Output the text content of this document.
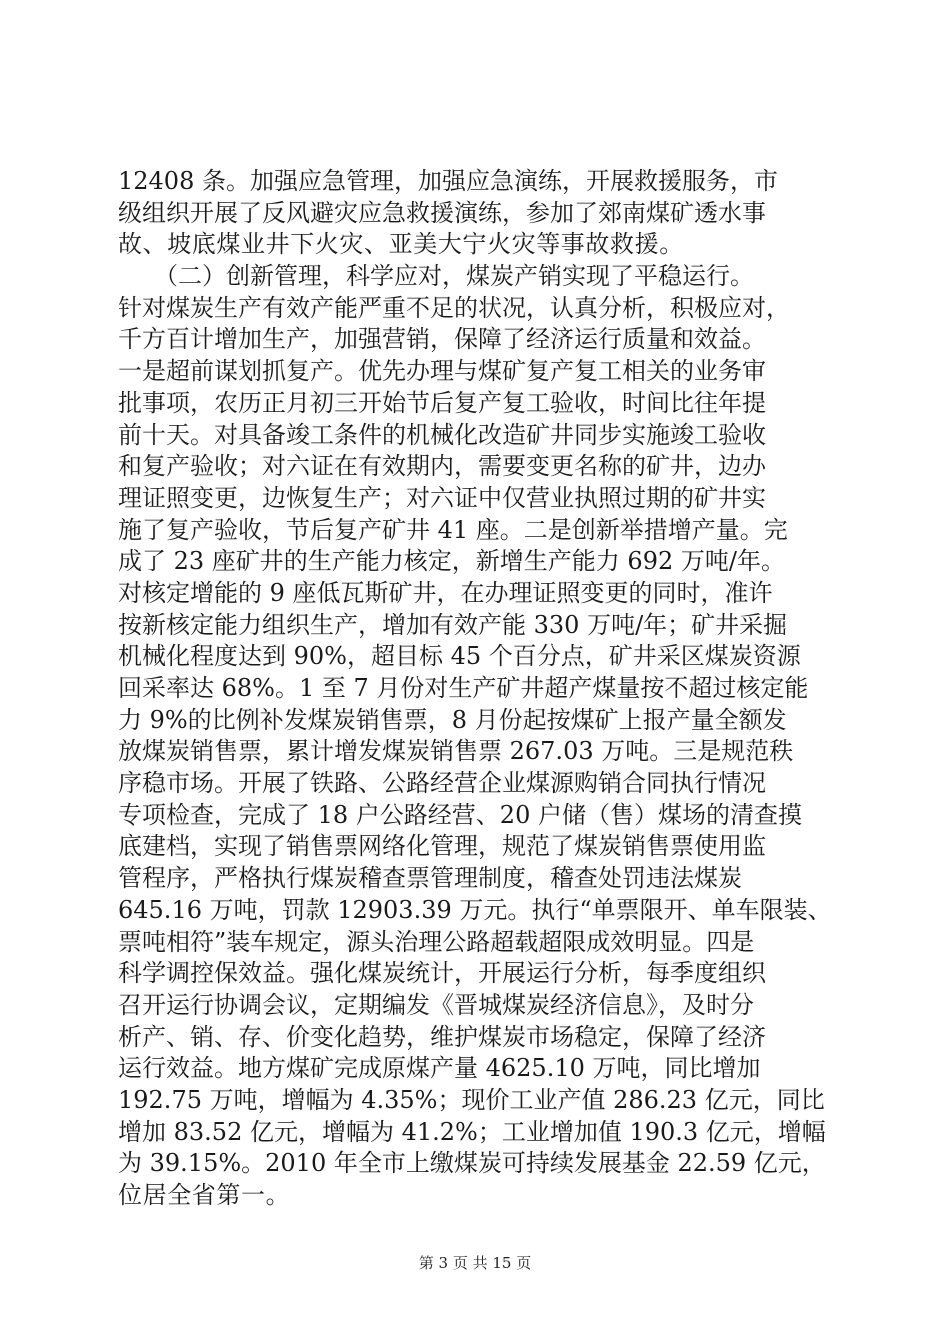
12408 条。加强应急管理，加强应急演练，开展救援服务，市
级组织开展了反风避灾应急救援演练，参加了郊南煤矿透水事
故、坡底煤业井下火灾、亚美大宁火灾等事故救援。
　　（二）创新管理，科学应对，煤炭产销实现了平稳运行。
针对煤炭生产有效产能严重不足的状况，认真分析，积极应对，
千方百计增加生产，加强营销，保障了经济运行质量和效益。
一是超前谋划抓复产。优先办理与煤矿复产复工相关的业务审
批事项，农历正月初三开始节后复产复工验收，时间比往年提
前十天。对具备竣工条件的机械化改造矿井同步实施竣工验收
和复产验收；对六证在有效期内，需要变更名称的矿井，边办
理证照变更，边恢复生产；对六证中仅营业执照过期的矿井实
施了复产验收，节后复产矿井 41 座。二是创新举措增产量。完
成了 23 座矿井的生产能力核定，新增生产能力 692 万吨/年。
对核定增能的 9 座低瓦斯矿井，在办理证照变更的同时，准许
按新核定能力组织生产，增加有效产能 330 万吨/年；矿井采掘
机械化程度达到 90%，超目标 45 个百分点，矿井采区煤炭资源
回采率达 68%。1 至 7 月份对生产矿井超产煤量按不超过核定能
力 9%的比例补发煤炭销售票，8 月份起按煤矿上报产量全额发
放煤炭销售票，累计增发煤炭销售票 267.03 万吨。三是规范秩
序稳市场。开展了铁路、公路经营企业煤源购销合同执行情况
专项检查，完成了 18 户公路经营、20 户储（售）煤场的清查摸
底建档，实现了销售票网络化管理，规范了煤炭销售票使用监
管程序，严格执行煤炭稽查票管理制度，稽查处罚违法煤炭
645.16 万吨，罚款 12903.39 万元。执行“单票限开、单车限装、
票吨相符”装车规定，源头治理公路超载超限成效明显。四是
科学调控保效益。强化煤炭统计，开展运行分析，每季度组织
召开运行协调会议，定期编发《晋城煤炭经济信息》，及时分
析产、销、存、价变化趋势，维护煤炭市场稳定，保障了经济
运行效益。地方煤矿完成原煤产量 4625.10 万吨，同比增加
192.75 万吨，增幅为 4.35%；现价工业产值 286.23 亿元，同比
增加 83.52 亿元，增幅为 41.2%；工业增加值 190.3 亿元，增幅
为 39.15%。2010 年全市上缴煤炭可持续发展基金 22.59 亿元，
位居全省第一。
第 3 页 共 15 页
